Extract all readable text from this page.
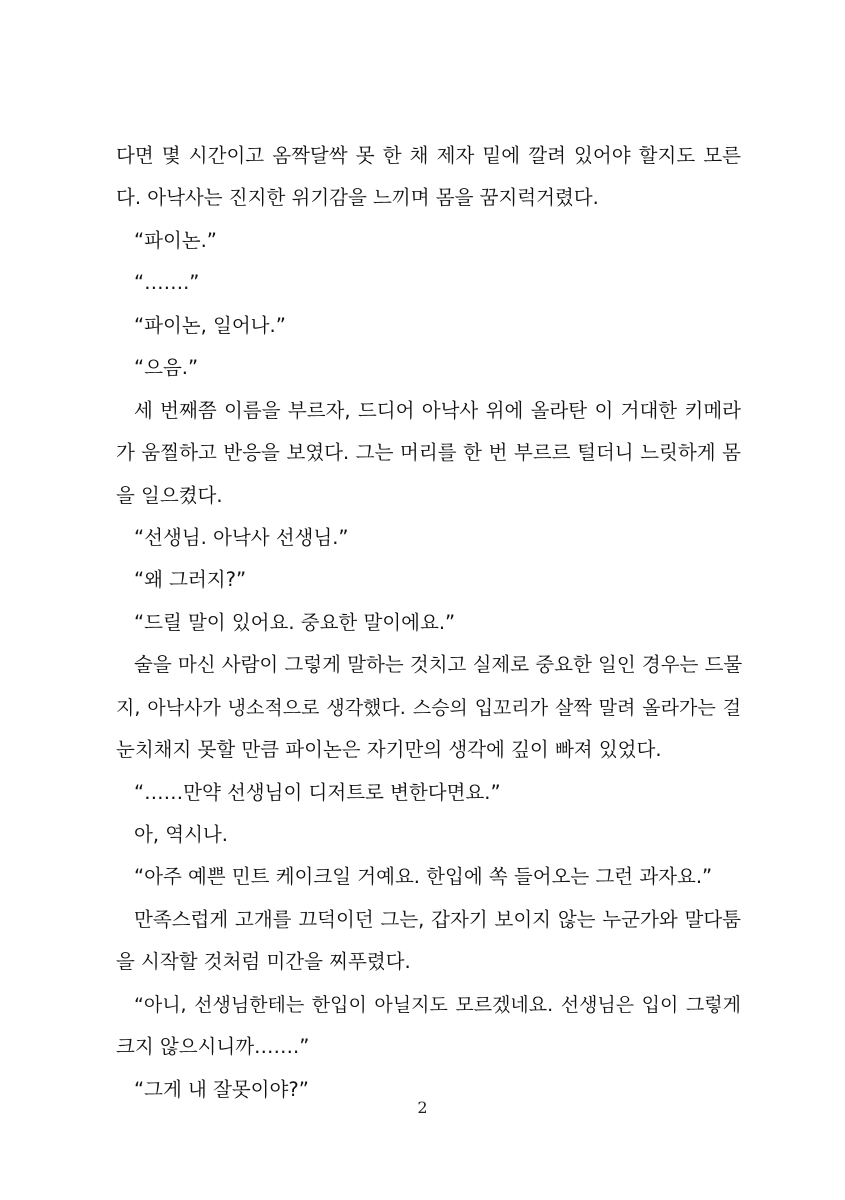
다면 몇 시간이고 옴짝달싹 못 한 채 제자 밑에 깔려 있어야 할지도 모른
다. 아낙사는 진지한 위기감을 느끼며 몸을 꿈지럭거렸다.
“파이논.”
“…….”
“파이논, 일어나.”
“으음.”
세 번째쯤 이름을 부르자, 드디어 아낙사 위에 올라탄 이 거대한 키메라
가 움찔하고 반응을 보였다. 그는 머리를 한 번 부르르 털더니 느릿하게 몸
을 일으켰다.
“선생님. 아낙사 선생님.”
“왜 그러지?”
“드릴 말이 있어요. 중요한 말이에요.”
술을 마신 사람이 그렇게 말하는 것치고 실제로 중요한 일인 경우는 드물
지, 아낙사가 냉소적으로 생각했다. 스승의 입꼬리가 살짝 말려 올라가는 걸
눈치채지 못할 만큼 파이논은 자기만의 생각에 깊이 빠져 있었다.
“……만약 선생님이 디저트로 변한다면요.”
아, 역시나.
“아주 예쁜 민트 케이크일 거예요. 한입에 쏙 들어오는 그런 과자요.”
만족스럽게 고개를 끄덕이던 그는, 갑자기 보이지 않는 누군가와 말다툼
을 시작할 것처럼 미간을 찌푸렸다.
“아니, 선생님한테는 한입이 아닐지도 모르겠네요. 선생님은 입이 그렇게
크지 않으시니까…….”
“그게 내 잘못이야?”
2
